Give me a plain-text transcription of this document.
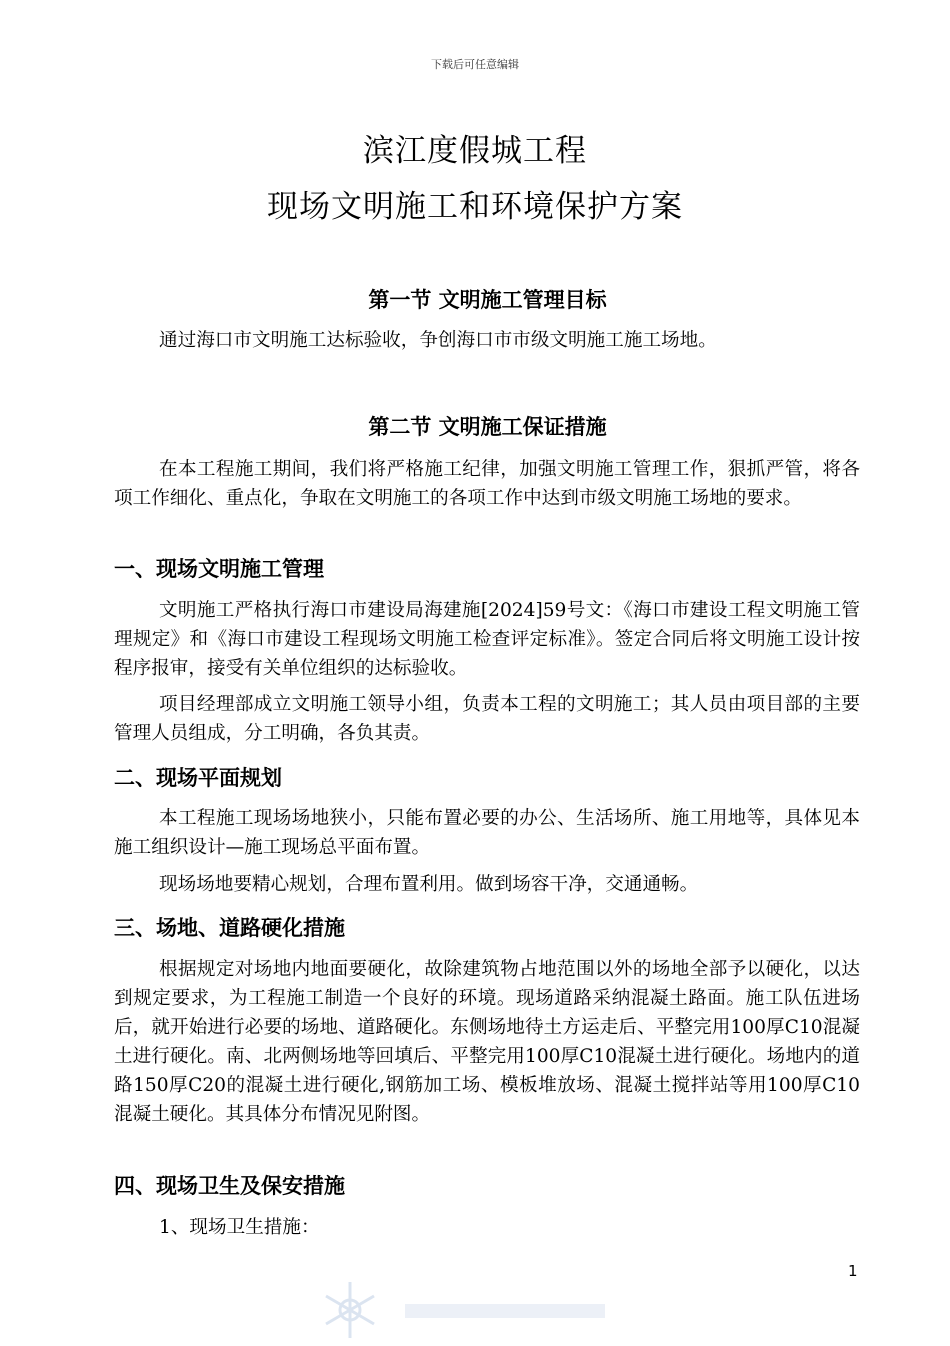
下载后可任意编辑
滨江度假城工程
现场文明施工和环境保护方案
第一节 文明施工管理目标
通过海口市文明施工达标验收，争创海口市市级文明施工施工场地。
第二节 文明施工保证措施
在本工程施工期间，我们将严格施工纪律，加强文明施工管理工作，狠抓严管，将各项工作细化、重点化，争取在文明施工的各项工作中达到市级文明施工场地的要求。
一、现场文明施工管理
文明施工严格执行海口市建设局海建施[2024]59号文：《海口市建设工程文明施工管理规定》和《海口市建设工程现场文明施工检查评定标准》。签定合同后将文明施工设计按程序报审，接受有关单位组织的达标验收。
项目经理部成立文明施工领导小组，负责本工程的文明施工；其人员由项目部的主要管理人员组成，分工明确，各负其责。
二、现场平面规划
本工程施工现场场地狭小，只能布置必要的办公、生活场所、施工用地等，具体见本施工组织设计—施工现场总平面布置。
现场场地要精心规划，合理布置利用。做到场容干净，交通通畅。
三、场地、道路硬化措施
根据规定对场地内地面要硬化，故除建筑物占地范围以外的场地全部予以硬化，以达到规定要求，为工程施工制造一个良好的环境。现场道路采纳混凝土路面。施工队伍进场后，就开始进行必要的场地、道路硬化。东侧场地待土方运走后、平整完用100厚C10混凝土进行硬化。南、北两侧场地等回填后、平整完用100厚C10混凝土进行硬化。场地内的道路150厚C20的混凝土进行硬化,钢筋加工场、模板堆放场、混凝土搅拌站等用100厚C10混凝土硬化。其具体分布情况见附图。
四、现场卫生及保安措施
1、现场卫生措施：
1
